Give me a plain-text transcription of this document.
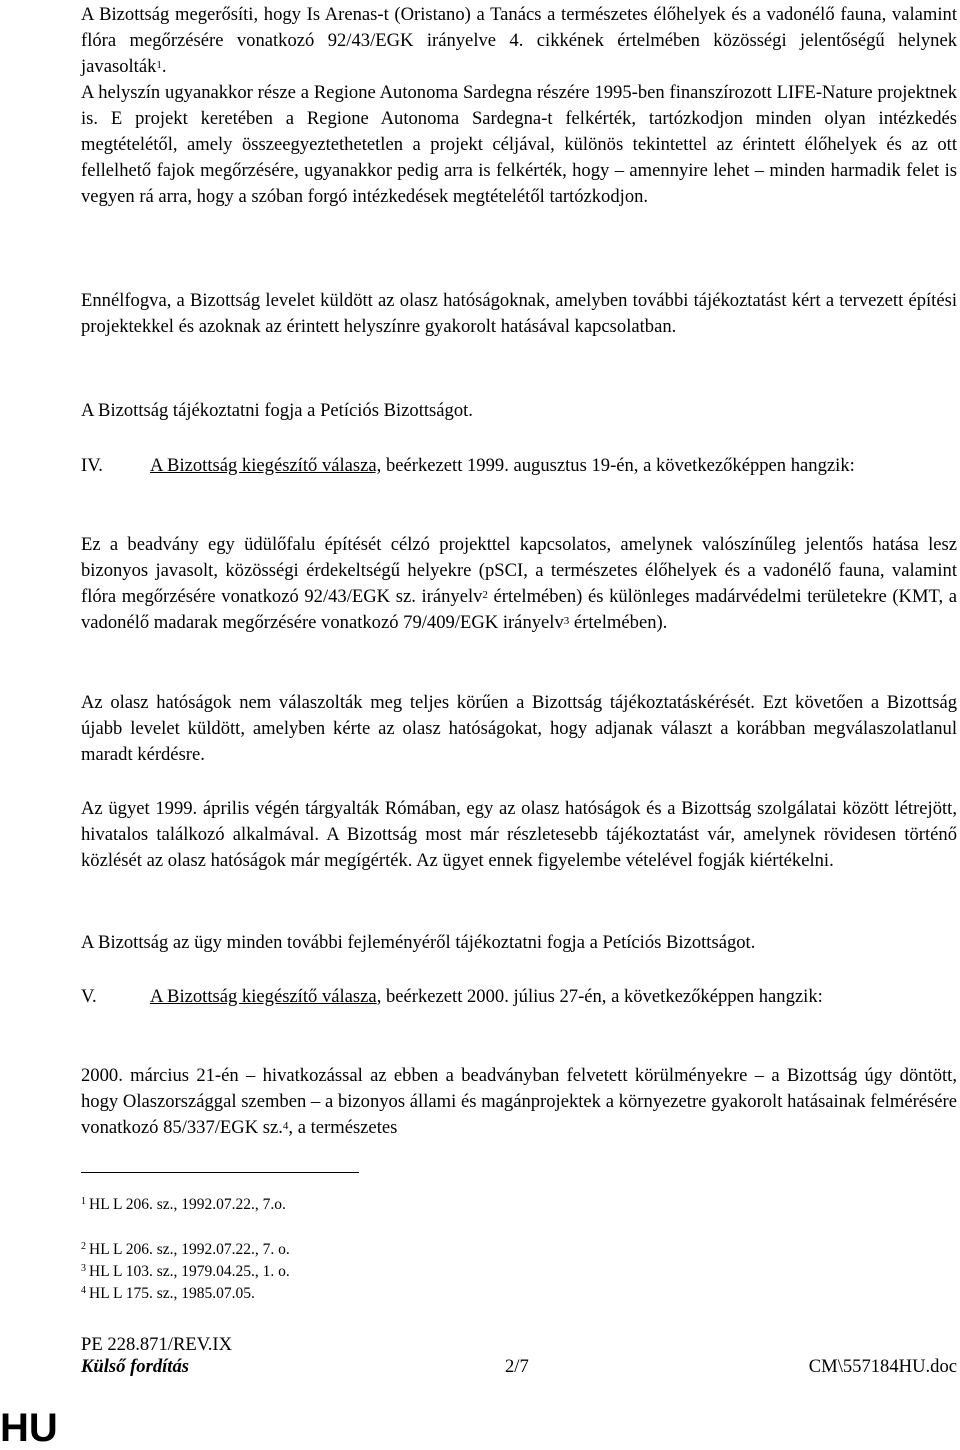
A Bizottság megerősíti, hogy Is Arenas-t (Oristano) a Tanács a természetes élőhelyek és a vadonélő fauna, valamint flóra megőrzésére vonatkozó 92/43/EGK irányelve 4. cikkének értelmében közösségi jelentőségű helynek javasolták$^1$.

A helyszín ugyanakkor része a Regione Autonoma Sardegna részére 1995-ben finanszírozott LIFE-Nature projektnek is. E projekt keretében a Regione Autonoma Sardegna-t felkérték, tartózkodjon minden olyan intézkedés megtételétől, amely összeegyeztethetetlen a projekt céljával, különös tekintettel az érintett élőhelyek és az ott fellelhető fajok megőrzésére, ugyanakkor pedig arra is felkérték, hogy – amennyire lehet – minden harmadik felet is vegyen rá arra, hogy a szóban forgó intézkedések megtételétől tartózkodjon.

Ennélfogva, a Bizottság levelet küldött az olasz hatóságoknak, amelyben további tájékoztatást kért a tervezett építési projektekkel és azoknak az érintett helyszínre gyakorolt hatásával kapcsolatban.

A Bizottság tájékoztatni fogja a Petíciós Bizottságot.

IV.	A Bizottság kiegészítő válasza, beérkezett 1999. augusztus 19-én, a következőképpen hangzik:

Ez a beadvány egy üdülőfalu építését célzó projekttel kapcsolatos, amelynek valószínűleg jelentős hatása lesz bizonyos javasolt, közösségi érdekeltségű helyekre (pSCI, a természetes élőhelyek és a vadonélő fauna, valamint flóra megőrzésére vonatkozó 92/43/EGK sz. irányelv$^2$ értelmében) és különleges madárvédelmi területekre (KMT, a vadonélő madarak megőrzésére vonatkozó 79/409/EGK irányelv$^3$ értelmében).

Az olasz hatóságok nem válaszolták meg teljes körűen a Bizottság tájékoztatáskérését. Ezt követően a Bizottság újabb levelet küldött, amelyben kérte az olasz hatóságokat, hogy adjanak választ a korábban megválaszolatlanul maradt kérdésre.

Az ügyet 1999. április végén tárgyalták Rómában, egy az olasz hatóságok és a Bizottság szolgálatai között létrejött, hivatalos találkozó alkalmával. A Bizottság most már részletesebb tájékoztatást vár, amelynek rövidesen történő közlését az olasz hatóságok már megígérték. Az ügyet ennek figyelembe vételével fogják kiértékelni.

A Bizottság az ügy minden további fejleményéről tájékoztatni fogja a Petíciós Bizottságot.

V.	A Bizottság kiegészítő válasza, beérkezett 2000. július 27-én, a következőképpen hangzik:

2000. március 21-én – hivatkozással az ebben a beadványban felvetett körülményekre – a Bizottság úgy döntött, hogy Olaszországgal szemben – a bizonyos állami és magánprojektek a környezetre gyakorolt hatásainak felmérésére vonatkozó 85/337/EGK sz.$^4$, a természetes

$^1$ HL L 206. sz., 1992.07.22., 7.o.
$^2$ HL L 206. sz., 1992.07.22., 7. o.
$^3$ HL L 103. sz., 1979.04.25., 1. o.
$^4$ HL L 175. sz., 1985.07.05.
PE 228.871/REV.IX
Külső fordítás	2/7	CM\557184HU.doc
HU
